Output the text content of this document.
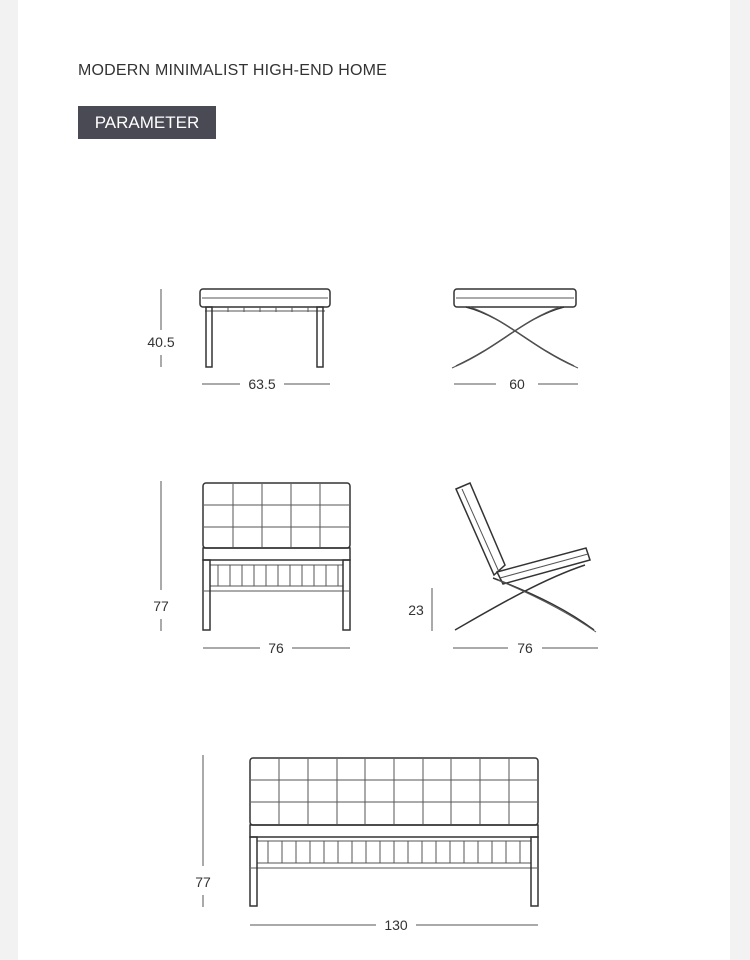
MODERN MINIMALIST HIGH-END HOME
PARAMETER
40.5
63.5	60
77
76
23
76
77
130
